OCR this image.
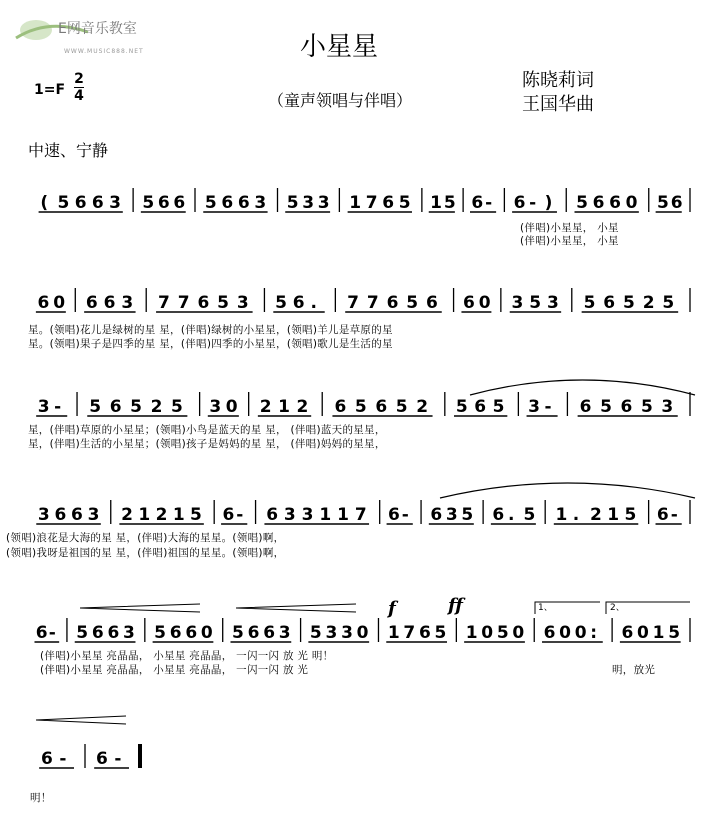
E网音乐教室
WWW.MUSIC888.NET	小星星
（童声领唱与伴唱）
陈晓莉词
王国华曲
1=F
2
4
中速、宁静
( 5 6 6 3 5 6 6 5 6 6 3 5 3 3 1 7 6 5 1 5 6 - 6 - ) 5 6 6 0 5 6
6 0 6 6 3 7 7 6 5 3 5 6 . 7 7 6 5 6 6 0 3 5 3 5 6 5 2 5
3 - 5 6 5 2 5 3 0 2 1 2 6 5 6 5 2 5 6 5 3 - 6 5 6 5 3
3 6 6 3 2 1 2 1 5 6 - 6 3 3 1 1 7 6 - 6 3 5 6 . 5 1 . 2 1 5 6 -
6 - 5 6 6 3 5 6 6 0 5 6 6 3 5 3 3 0 1 7 6 5 1 0 5 0 6 0 0 : 6 0 1 5
6 - 6 -
(伴唱)小星星， 小星
(伴唱)小星星， 小星
星。(领唱)花儿是绿树的星 星，(伴唱)绿树的小星星，(领唱)羊儿是草原的星
星。(领唱)果子是四季的星 星，(伴唱)四季的小星星，(领唱)歌儿是生活的星
星，(伴唱)草原的小星星；(领唱)小鸟是蓝天的星 星， (伴唱)蓝天的星星，
星，(伴唱)生活的小星星；(领唱)孩子是妈妈的星 星， (伴唱)妈妈的星星，
(领唱)浪花是大海的星 星，(伴唱)大海的星星。(领唱)啊，
(领唱)我呀是祖国的星 星，(伴唱)祖国的星星。(领唱)啊，
(伴唱)小星星 亮晶晶， 小星星 亮晶晶， 一闪一闪 放 光 明！
(伴唱)小星星 亮晶晶， 小星星 亮晶晶， 一闪一闪 放 光	明，放光
明！
f	ff	1、	2、
